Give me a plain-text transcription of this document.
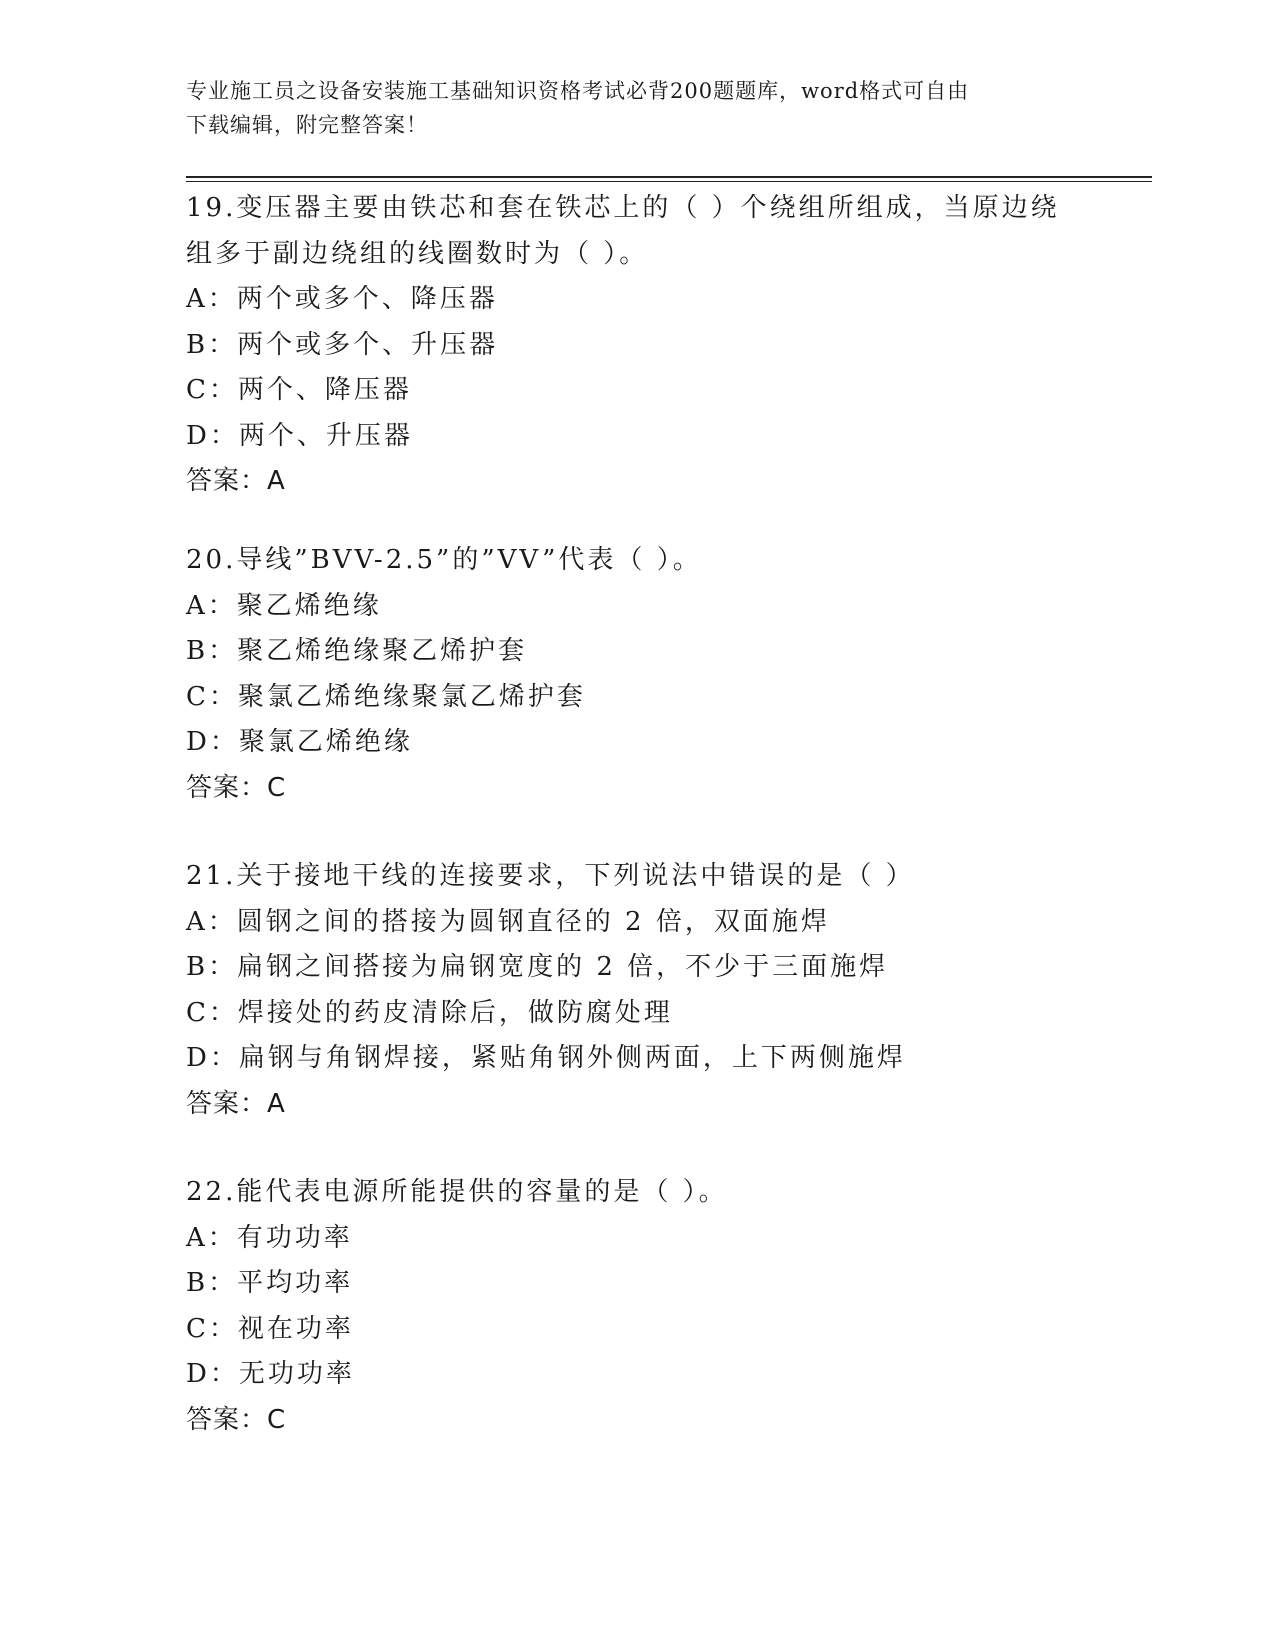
专业施工员之设备安装施工基础知识资格考试必背200题题库，word格式可自由
下载编辑，附完整答案！
19.变压器主要由铁芯和套在铁芯上的（ ）个绕组所组成，当原边绕
组多于副边绕组的线圈数时为（ ）。
A：两个或多个、降压器
B：两个或多个、升压器
C：两个、降压器
D：两个、升压器
答案：A
20.导线”BVV-2.5”的”VV”代表（ ）。
A：聚乙烯绝缘
B：聚乙烯绝缘聚乙烯护套
C：聚氯乙烯绝缘聚氯乙烯护套
D：聚氯乙烯绝缘
答案：C
21.关于接地干线的连接要求，下列说法中错误的是（ ）
A：圆钢之间的搭接为圆钢直径的 2 倍，双面施焊
B：扁钢之间搭接为扁钢宽度的 2 倍，不少于三面施焊
C：焊接处的药皮清除后，做防腐处理
D：扁钢与角钢焊接，紧贴角钢外侧两面，上下两侧施焊
答案：A
22.能代表电源所能提供的容量的是（ ）。
A：有功功率
B：平均功率
C：视在功率
D：无功功率
答案：C
